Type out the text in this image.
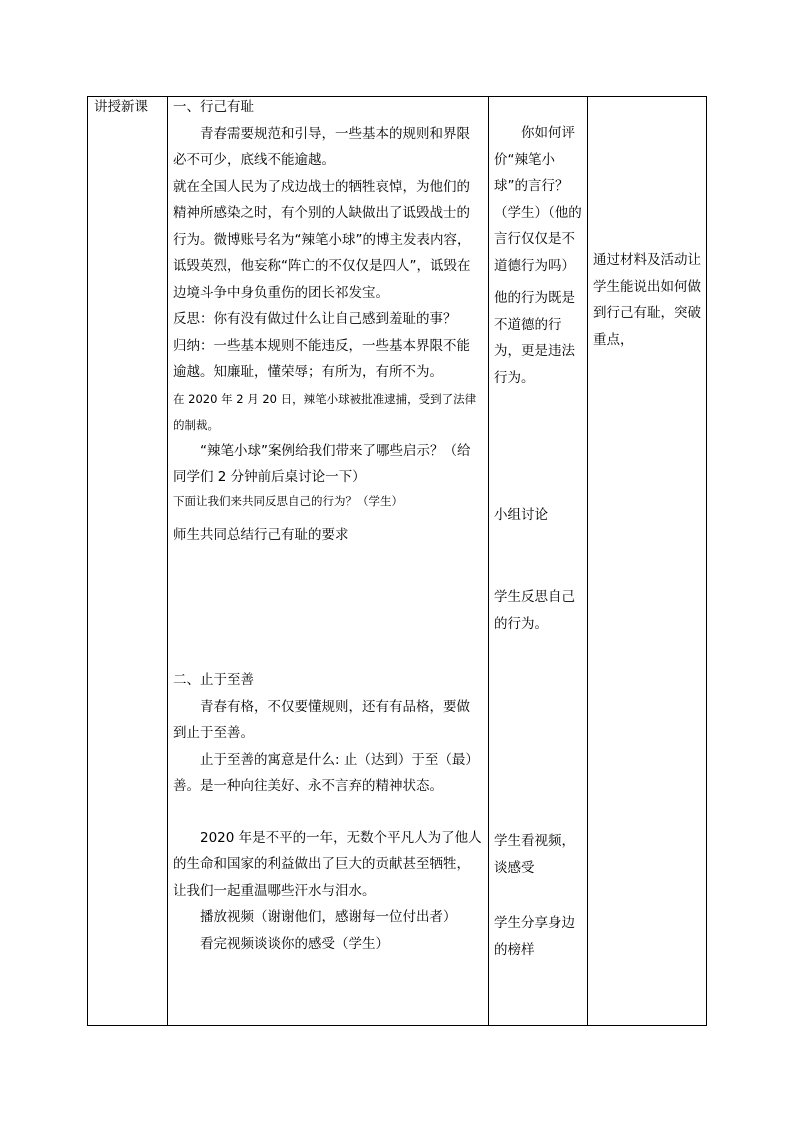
讲授新课	一、行己有耻

青春需要规范和引导，一些基本的规则和界限必不可少，底线不能逾越。

就在全国人民为了戍边战士的牺牲哀悼，为他们的精神所感染之时，有个别的人缺做出了诋毁战士的行为。微博账号名为“辣笔小球”的博主发表内容，诋毁英烈，他妄称“阵亡的不仅仅是四人”，诋毁在边境斗争中身负重伤的团长祁发宝。

反思：你有没有做过什么让自己感到羞耻的事？

归纳：一些基本规则不能违反，一些基本界限不能逾越。知廉耻，懂荣辱；有所为，有所不为。

在 2020 年 2 月 20 日，辣笔小球被批准逮捕，受到了法律的制裁。

“辣笔小球”案例给我们带来了哪些启示？（给同学们 2 分钟前后桌讨论一下）

下面让我们来共同反思自己的行为？（学生）

师生共同总结行己有耻的要求

二、止于至善

青春有格，不仅要懂规则，还有有品格，要做到止于至善。

止于至善的寓意是什么: 止（达到）于至（最）善。是一种向往美好、永不言弃的精神状态。

2020 年是不平的一年，无数个平凡人为了他人的生命和国家的利益做出了巨大的贡献甚至牺牲，让我们一起重温哪些汗水与泪水。

播放视频（谢谢他们，感谢每一位付出者）

看完视频谈谈你的感受（学生）

你如何评价“辣笔小球”的言行？（学生）（他的言行仅仅是不道德行为吗）
他的行为既是不道德的行为，更是违法行为。
小组讨论
学生反思自己的行为。
学生看视频，谈感受
学生分享身边的榜样
通过材料及活动让学生能说出如何做到行己有耻，突破重点，
